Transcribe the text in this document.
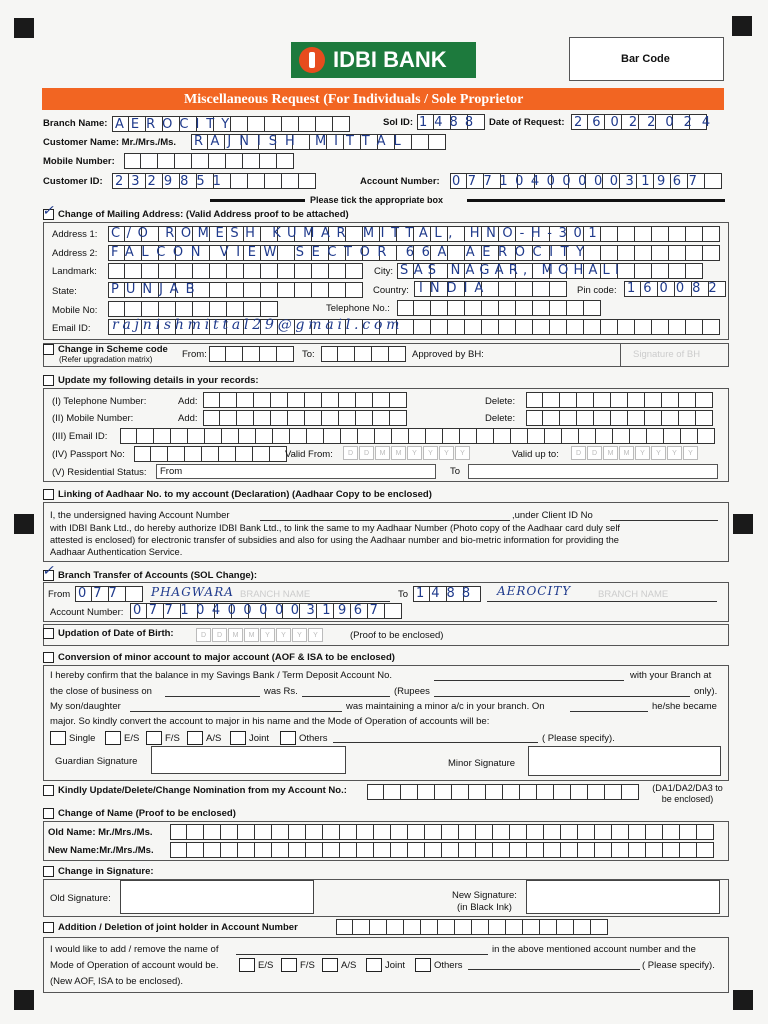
IDBI BANK	Bar Code
Miscellaneous Request (For Individuals / Sole Proprietor
Branch Name: AEROCITY	Sol ID: 1488 Date of Request: 26022024
Customer Name: Mr./Mrs./Ms. RAJNISH MITTAL
Mobile Number:
Customer ID: 2329851	Account Number: 0771040000031967
Please tick the appropriate box
✓ Change of Mailing Address: (Valid Address proof to be attached)
Address 1: C/O ROMESH KUMAR MITTAL, HNO-H-301
Address 2: FALCON VIEW SECTOR 66A AEROCITY
Landmark:	City: SAS NAGAR, MOHALI
State:	PUNJAB	Country: INDIA	Pin code: 160082
Mobile No:	Telephone No.:
Email ID: rajnishmittal29@gmail.com
Change in Scheme code
(Refer upgradation matrix)	From:	To:	Approved by BH:	Signature of BH
Update my following details in your records:
(I) Telephone Number:	Add:	Delete:
(II) Mobile Number:	Add:	Delete:
(III) Email ID:
(IV) Passport No:	Valid From:	D	D	M	M	Y	Y	Y	Y	Valid up to:	D	D	M	M	Y	Y	Y	Y
(V) Residential Status: From	To
Linking of Aadhaar No. to my account (Declaration) (Aadhaar Copy to be enclosed)
I, the undersigned having Account Number	,under Client ID No
with IDBI Bank Ltd., do hereby authorize IDBI Bank Ltd., to link the same to my Aadhaar Number (Photo copy of the Aadhaar card duly self
attested is enclosed) for electronic transfer of subsidies and also for using the Aadhaar number and bio-metric information for providing the
Aadhaar Authentication Service.
✓ Branch Transfer of Accounts (SOL Change):
From 077	BRANCH NAME
PHAGWARA	To 1488 AEROCITY	BRANCH NAME
Account Number: 0771040000031967
Updation of Date of Birth:	D	D	M	M	Y	Y	Y	Y	(Proof to be enclosed)
Conversion of minor account to major account (AOF & ISA to be enclosed)
I hereby confirm that the balance in my Savings Bank / Term Deposit Account No.	with your Branch at
the close of business on	was Rs.	(Rupees	only).
My son/daughter	was maintaining a minor a/c in your branch. On	he/she became
major. So kindly convert the account to major in his name and the Mode of Operation of accounts will be:
Single	E/S	F/S	A/S	Joint	Others	( Please specify).
Guardian Signature	Minor Signature
Kindly Update/Delete/Change Nomination from my Account No.:	(DA1/DA2/DA3 to be enclosed)
Change of Name (Proof to be enclosed)
Old Name: Mr./Mrs./Ms.
New Name:Mr./Mrs./Ms.
Change in Signature:
Old Signature:	New Signature:
(in Black Ink)
Addition / Deletion of joint holder in Account Number
I would like to add / remove the name of	in the above mentioned account number and the
Mode of Operation of account would be.	E/S	F/S	A/S	Joint	Others	( Please specify).
(New AOF, ISA to be enclosed).
